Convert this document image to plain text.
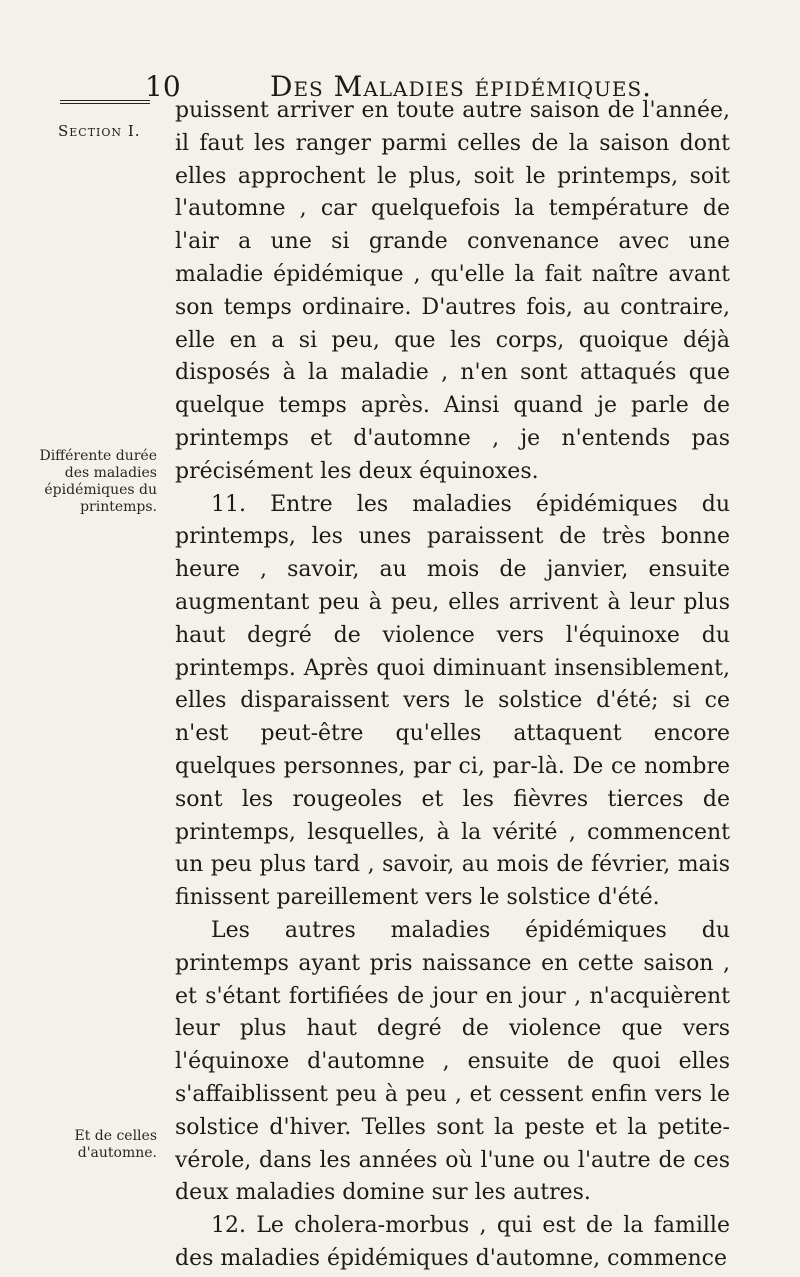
10	Des Maladies épidémiques.
Section I.
Différente durée des maladies épidémiques du printemps.
Et de celles d'automne.

puissent arriver en toute autre saison de l'année, il faut les ranger parmi celles de la saison dont elles approchent le plus, soit le printemps, soit l'automne , car quelquefois la température de l'air a une si grande convenance avec une maladie épidémique , qu'elle la fait naître avant son temps ordinaire. D'autres fois, au contraire, elle en a si peu, que les corps, quoique déjà disposés à la maladie , n'en sont attaqués que quelque temps après. Ainsi quand je parle de printemps et d'automne , je n'entends pas précisément les deux équinoxes.

11. Entre les maladies épidémiques du printemps, les unes paraissent de très bonne heure , savoir, au mois de janvier, ensuite augmentant peu à peu, elles arrivent à leur plus haut degré de violence vers l'équinoxe du printemps. Après quoi diminuant insensiblement, elles disparaissent vers le solstice d'été; si ce n'est peut-être qu'elles attaquent encore quelques personnes, par ci, par-là. De ce nombre sont les rougeoles et les fièvres tierces de printemps, lesquelles, à la vérité , commencent un peu plus tard , savoir, au mois de février, mais finissent pareillement vers le solstice d'été.

Les autres maladies épidémiques du printemps ayant pris naissance en cette saison , et s'étant fortifiées de jour en jour , n'acquièrent leur plus haut degré de violence que vers l'équinoxe d'automne , ensuite de quoi elles s'affaiblissent peu à peu , et cessent enfin vers le solstice d'hiver. Telles sont la peste et la petite-vérole, dans les années où l'une ou l'autre de ces deux maladies domine sur les autres.

12. Le cholera-morbus , qui est de la famille des maladies épidémiques d'automne, commence
